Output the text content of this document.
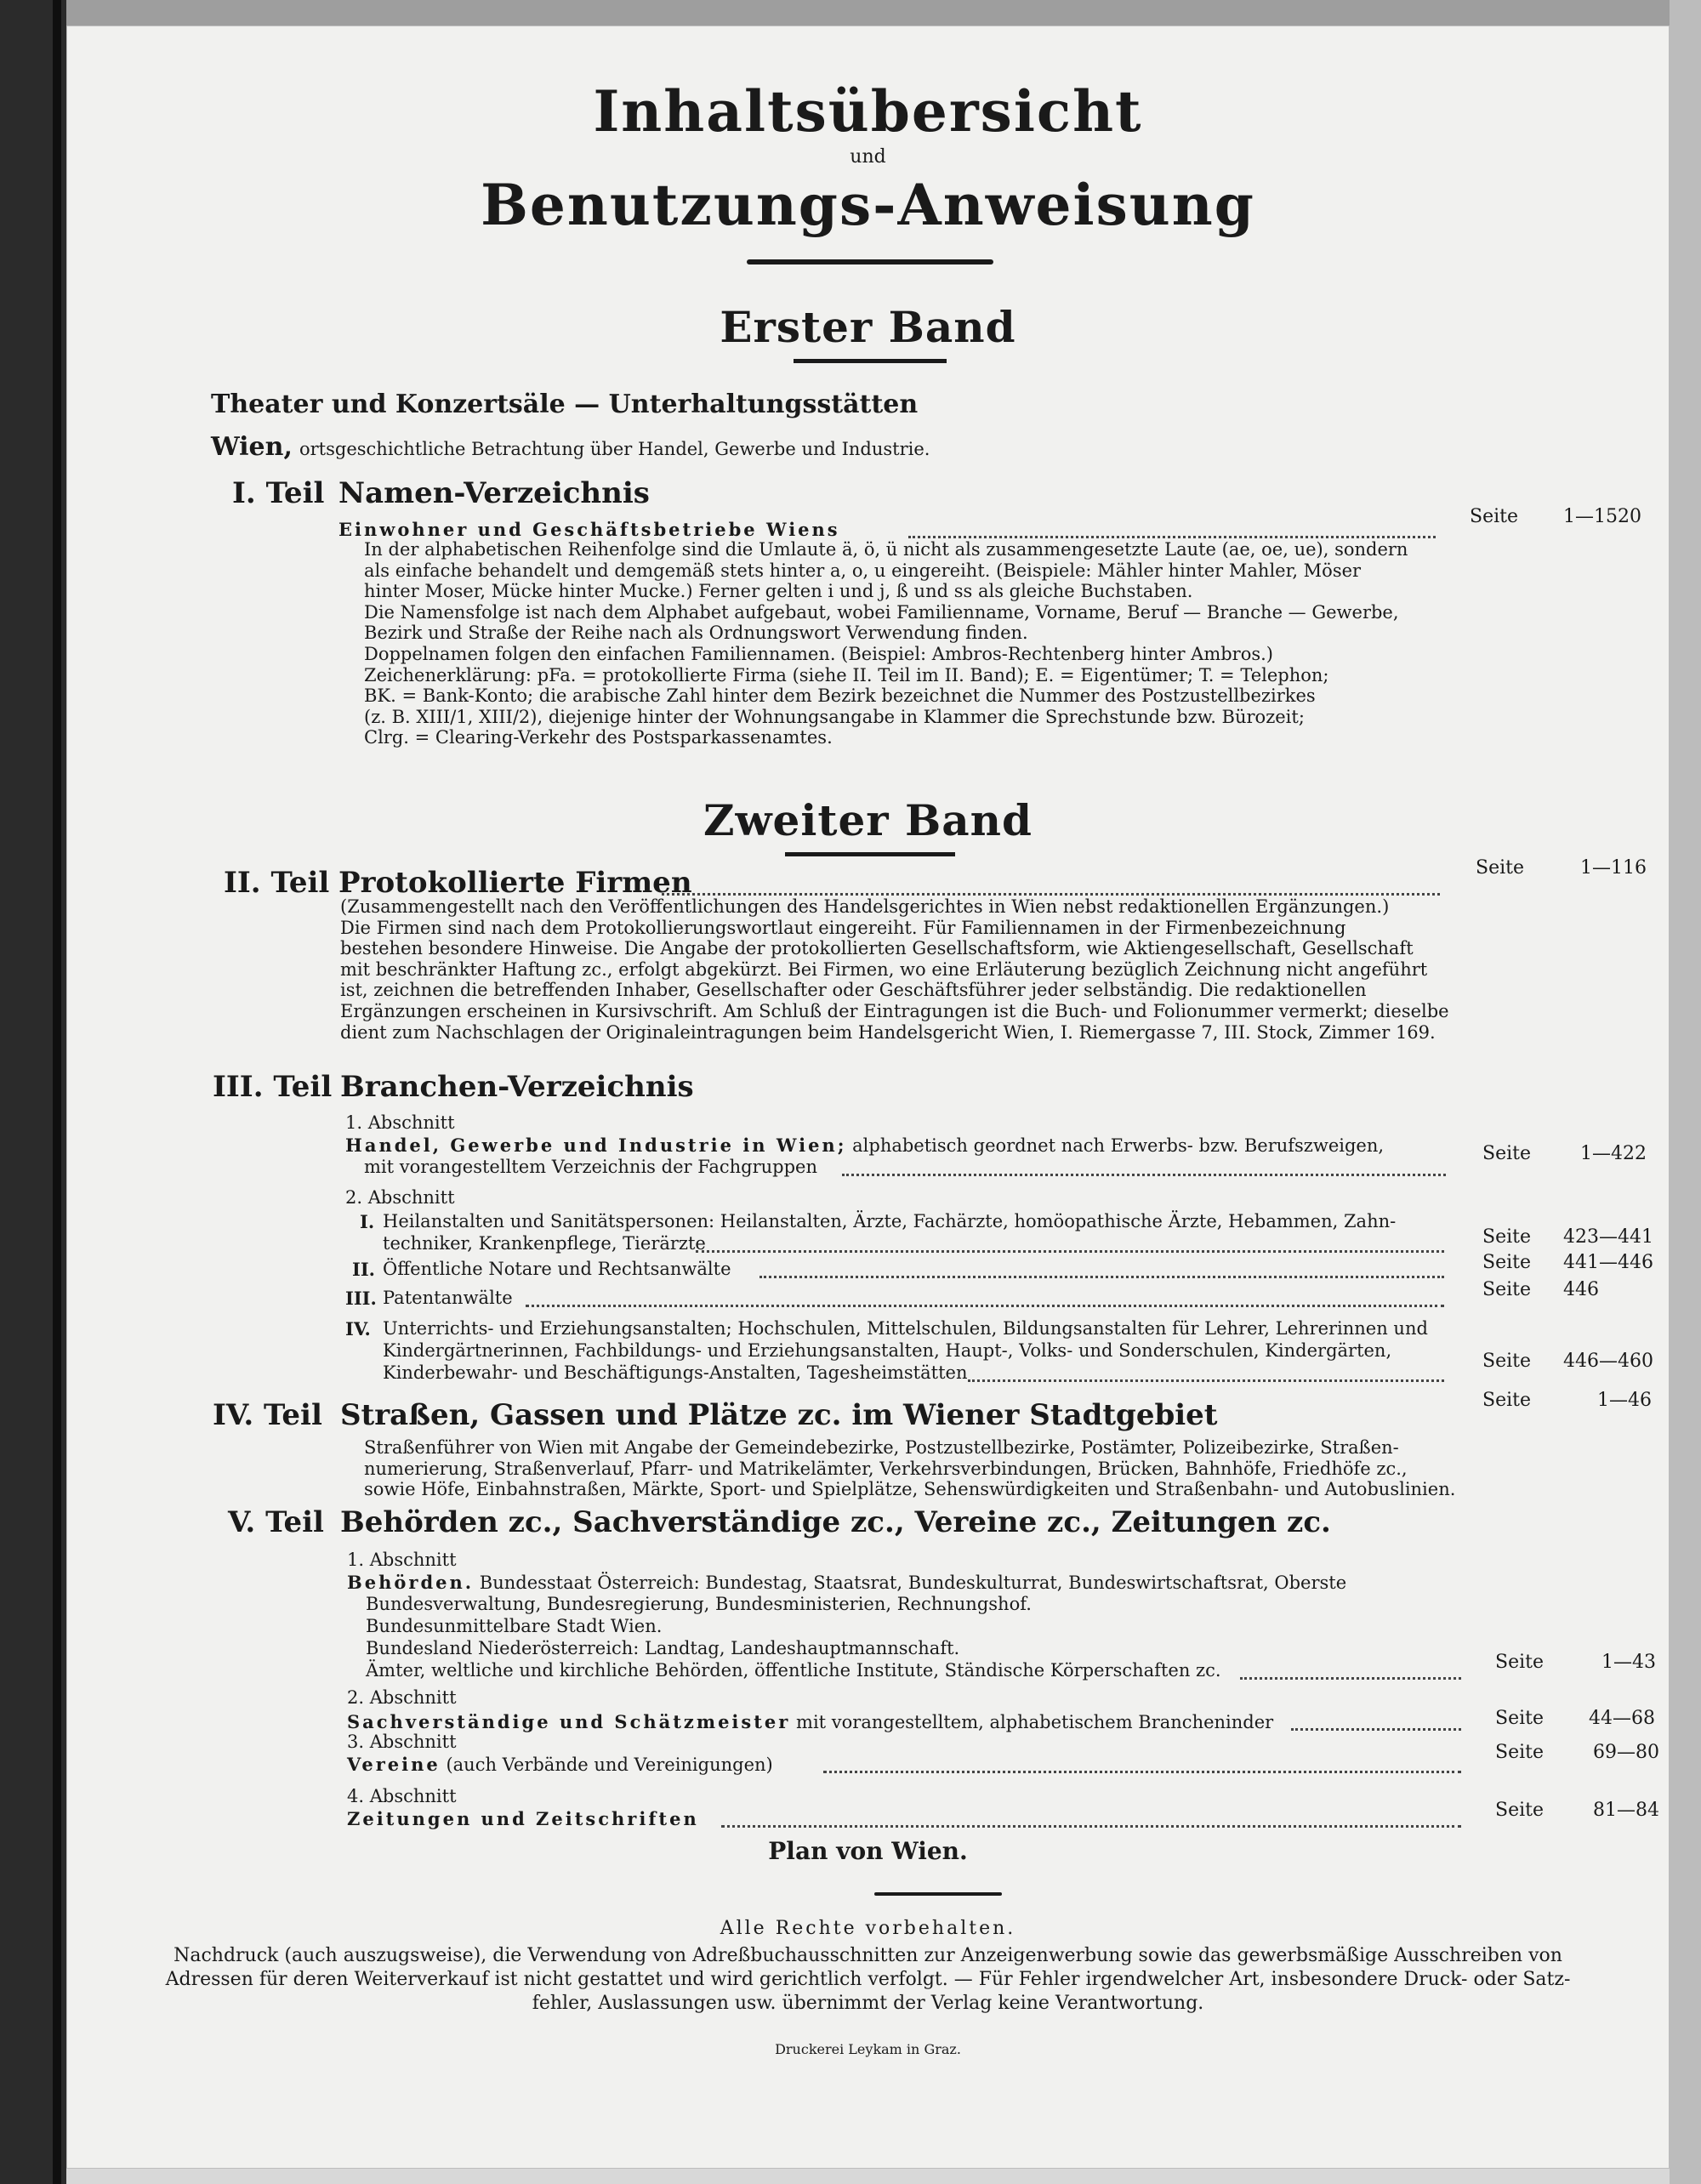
Inhaltsübersicht
und
Benutzungs-Anweisung
Erster Band
Theater und Konzertsäle — Unterhaltungsstätten
Wien, ortsgeschichtliche Betrachtung über Handel, Gewerbe und Industrie.
I. Teil Namen-Verzeichnis
Einwohner und Geschäftsbetriebe Wiens
Seite 1—1520
In der alphabetischen Reihenfolge sind die Umlaute ä, ö, ü nicht als zusammengesetzte Laute (ae, oe, ue), sondern
als einfache behandelt und demgemäß stets hinter a, o, u eingereiht. (Beispiele: Mähler hinter Mahler, Möser
hinter Moser, Mücke hinter Mucke.) Ferner gelten i und j, ß und ss als gleiche Buchstaben.
Die Namensfolge ist nach dem Alphabet aufgebaut, wobei Familienname, Vorname, Beruf — Branche — Gewerbe,
Bezirk und Straße der Reihe nach als Ordnungswort Verwendung finden.
Doppelnamen folgen den einfachen Familiennamen. (Beispiel: Ambros-Rechtenberg hinter Ambros.)
Zeichenerklärung: pFa. = protokollierte Firma (siehe II. Teil im II. Band); E. = Eigentümer; T. = Telephon;
BK. = Bank-Konto; die arabische Zahl hinter dem Bezirk bezeichnet die Nummer des Postzustellbezirkes
(z. B. XIII/1, XIII/2), diejenige hinter der Wohnungsangabe in Klammer die Sprechstunde bzw. Bürozeit;
Clrg. = Clearing-Verkehr des Postsparkassenamtes.
Zweiter Band
II. Teil Protokollierte Firmen	Seite	1—116
(Zusammengestellt nach den Veröffentlichungen des Handelsgerichtes in Wien nebst redaktionellen Ergänzungen.)
Die Firmen sind nach dem Protokollierungswortlaut eingereiht. Für Familiennamen in der Firmenbezeichnung
bestehen besondere Hinweise. Die Angabe der protokollierten Gesellschaftsform, wie Aktiengesellschaft, Gesellschaft
mit beschränkter Haftung zc., erfolgt abgekürzt. Bei Firmen, wo eine Erläuterung bezüglich Zeichnung nicht angeführt
ist, zeichnen die betreffenden Inhaber, Gesellschafter oder Geschäftsführer jeder selbständig. Die redaktionellen
Ergänzungen erscheinen in Kursivschrift. Am Schluß der Eintragungen ist die Buch- und Folionummer vermerkt; dieselbe
dient zum Nachschlagen der Originaleintragungen beim Handelsgericht Wien, I. Riemergasse 7, III. Stock, Zimmer 169.
III. Teil Branchen-Verzeichnis
1. Abschnitt
Handel, Gewerbe und Industrie in Wien; alphabetisch geordnet nach Erwerbs- bzw. Berufszweigen,
mit vorangestelltem Verzeichnis der Fachgruppen
Seite	1—422
2. Abschnitt
I. Heilanstalten und Sanitätspersonen: Heilanstalten, Ärzte, Fachärzte, homöopathische Ärzte, Hebammen, Zahn-
techniker, Krankenpflege, Tierärzte	Seite 423—441
II. Öffentliche Notare und Rechtsanwälte	Seite 441—446
III. Patentanwälte	Seite 446
IV. Unterrichts- und Erziehungsanstalten; Hochschulen, Mittelschulen, Bildungsanstalten für Lehrer, Lehrerinnen und
Kindergärtnerinnen, Fachbildungs- und Erziehungsanstalten, Haupt-, Volks- und Sonderschulen, Kindergärten,
Kinderbewahr- und Beschäftigungs-Anstalten, Tagesheimstätten
Seite 446—460
IV. Teil Straßen, Gassen und Plätze zc. im Wiener Stadtgebiet	Seite	1—46
Straßenführer von Wien mit Angabe der Gemeindebezirke, Postzustellbezirke, Postämter, Polizeibezirke, Straßen-
numerierung, Straßenverlauf, Pfarr- und Matrikelämter, Verkehrsverbindungen, Brücken, Bahnhöfe, Friedhöfe zc.,
sowie Höfe, Einbahnstraßen, Märkte, Sport- und Spielplätze, Sehenswürdigkeiten und Straßenbahn- und Autobuslinien.
V. Teil Behörden zc., Sachverständige zc., Vereine zc., Zeitungen zc.
1. Abschnitt
Behörden. Bundesstaat Österreich: Bundestag, Staatsrat, Bundeskulturrat, Bundeswirtschaftsrat, Oberste
Bundesverwaltung, Bundesregierung, Bundesministerien, Rechnungshof.
Bundesunmittelbare Stadt Wien.
Bundesland Niederösterreich: Landtag, Landeshauptmannschaft.
Ämter, weltliche und kirchliche Behörden, öffentliche Institute, Ständische Körperschaften zc.	Seite	1—43
2. Abschnitt
Sachverständige und Schätzmeister mit vorangestelltem, alphabetischem Brancheninder	Seite 44—68
3. Abschnitt
Vereine (auch Verbände und Vereinigungen)
Seite	69—80
4. Abschnitt
Zeitungen und Zeitschriften	Seite	81—84
Plan von Wien.
Alle Rechte vorbehalten.
Nachdruck (auch auszugsweise), die Verwendung von Adreßbuchausschnitten zur Anzeigenwerbung sowie das gewerbsmäßige Ausschreiben von
Adressen für deren Weiterverkauf ist nicht gestattet und wird gerichtlich verfolgt. — Für Fehler irgendwelcher Art, insbesondere Druck- oder Satz-
fehler, Auslassungen usw. übernimmt der Verlag keine Verantwortung.
Druckerei Leykam in Graz.
